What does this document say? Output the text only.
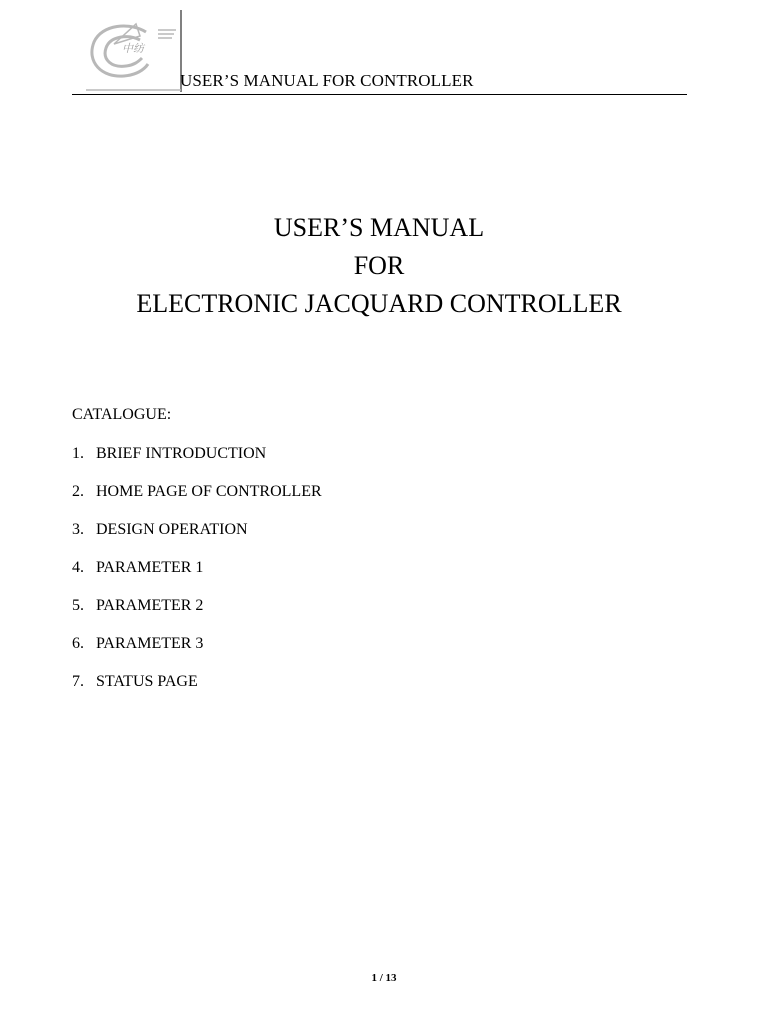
中纺
USER’S MANUAL FOR CONTROLLER
USER’S MANUAL
FOR
ELECTRONIC JACQUARD CONTROLLER
CATALOGUE:
1. BRIEF INTRODUCTION
2. HOME PAGE OF CONTROLLER
3. DESIGN OPERATION
4. PARAMETER 1
5. PARAMETER 2
6. PARAMETER 3
7. STATUS PAGE
1 / 13
